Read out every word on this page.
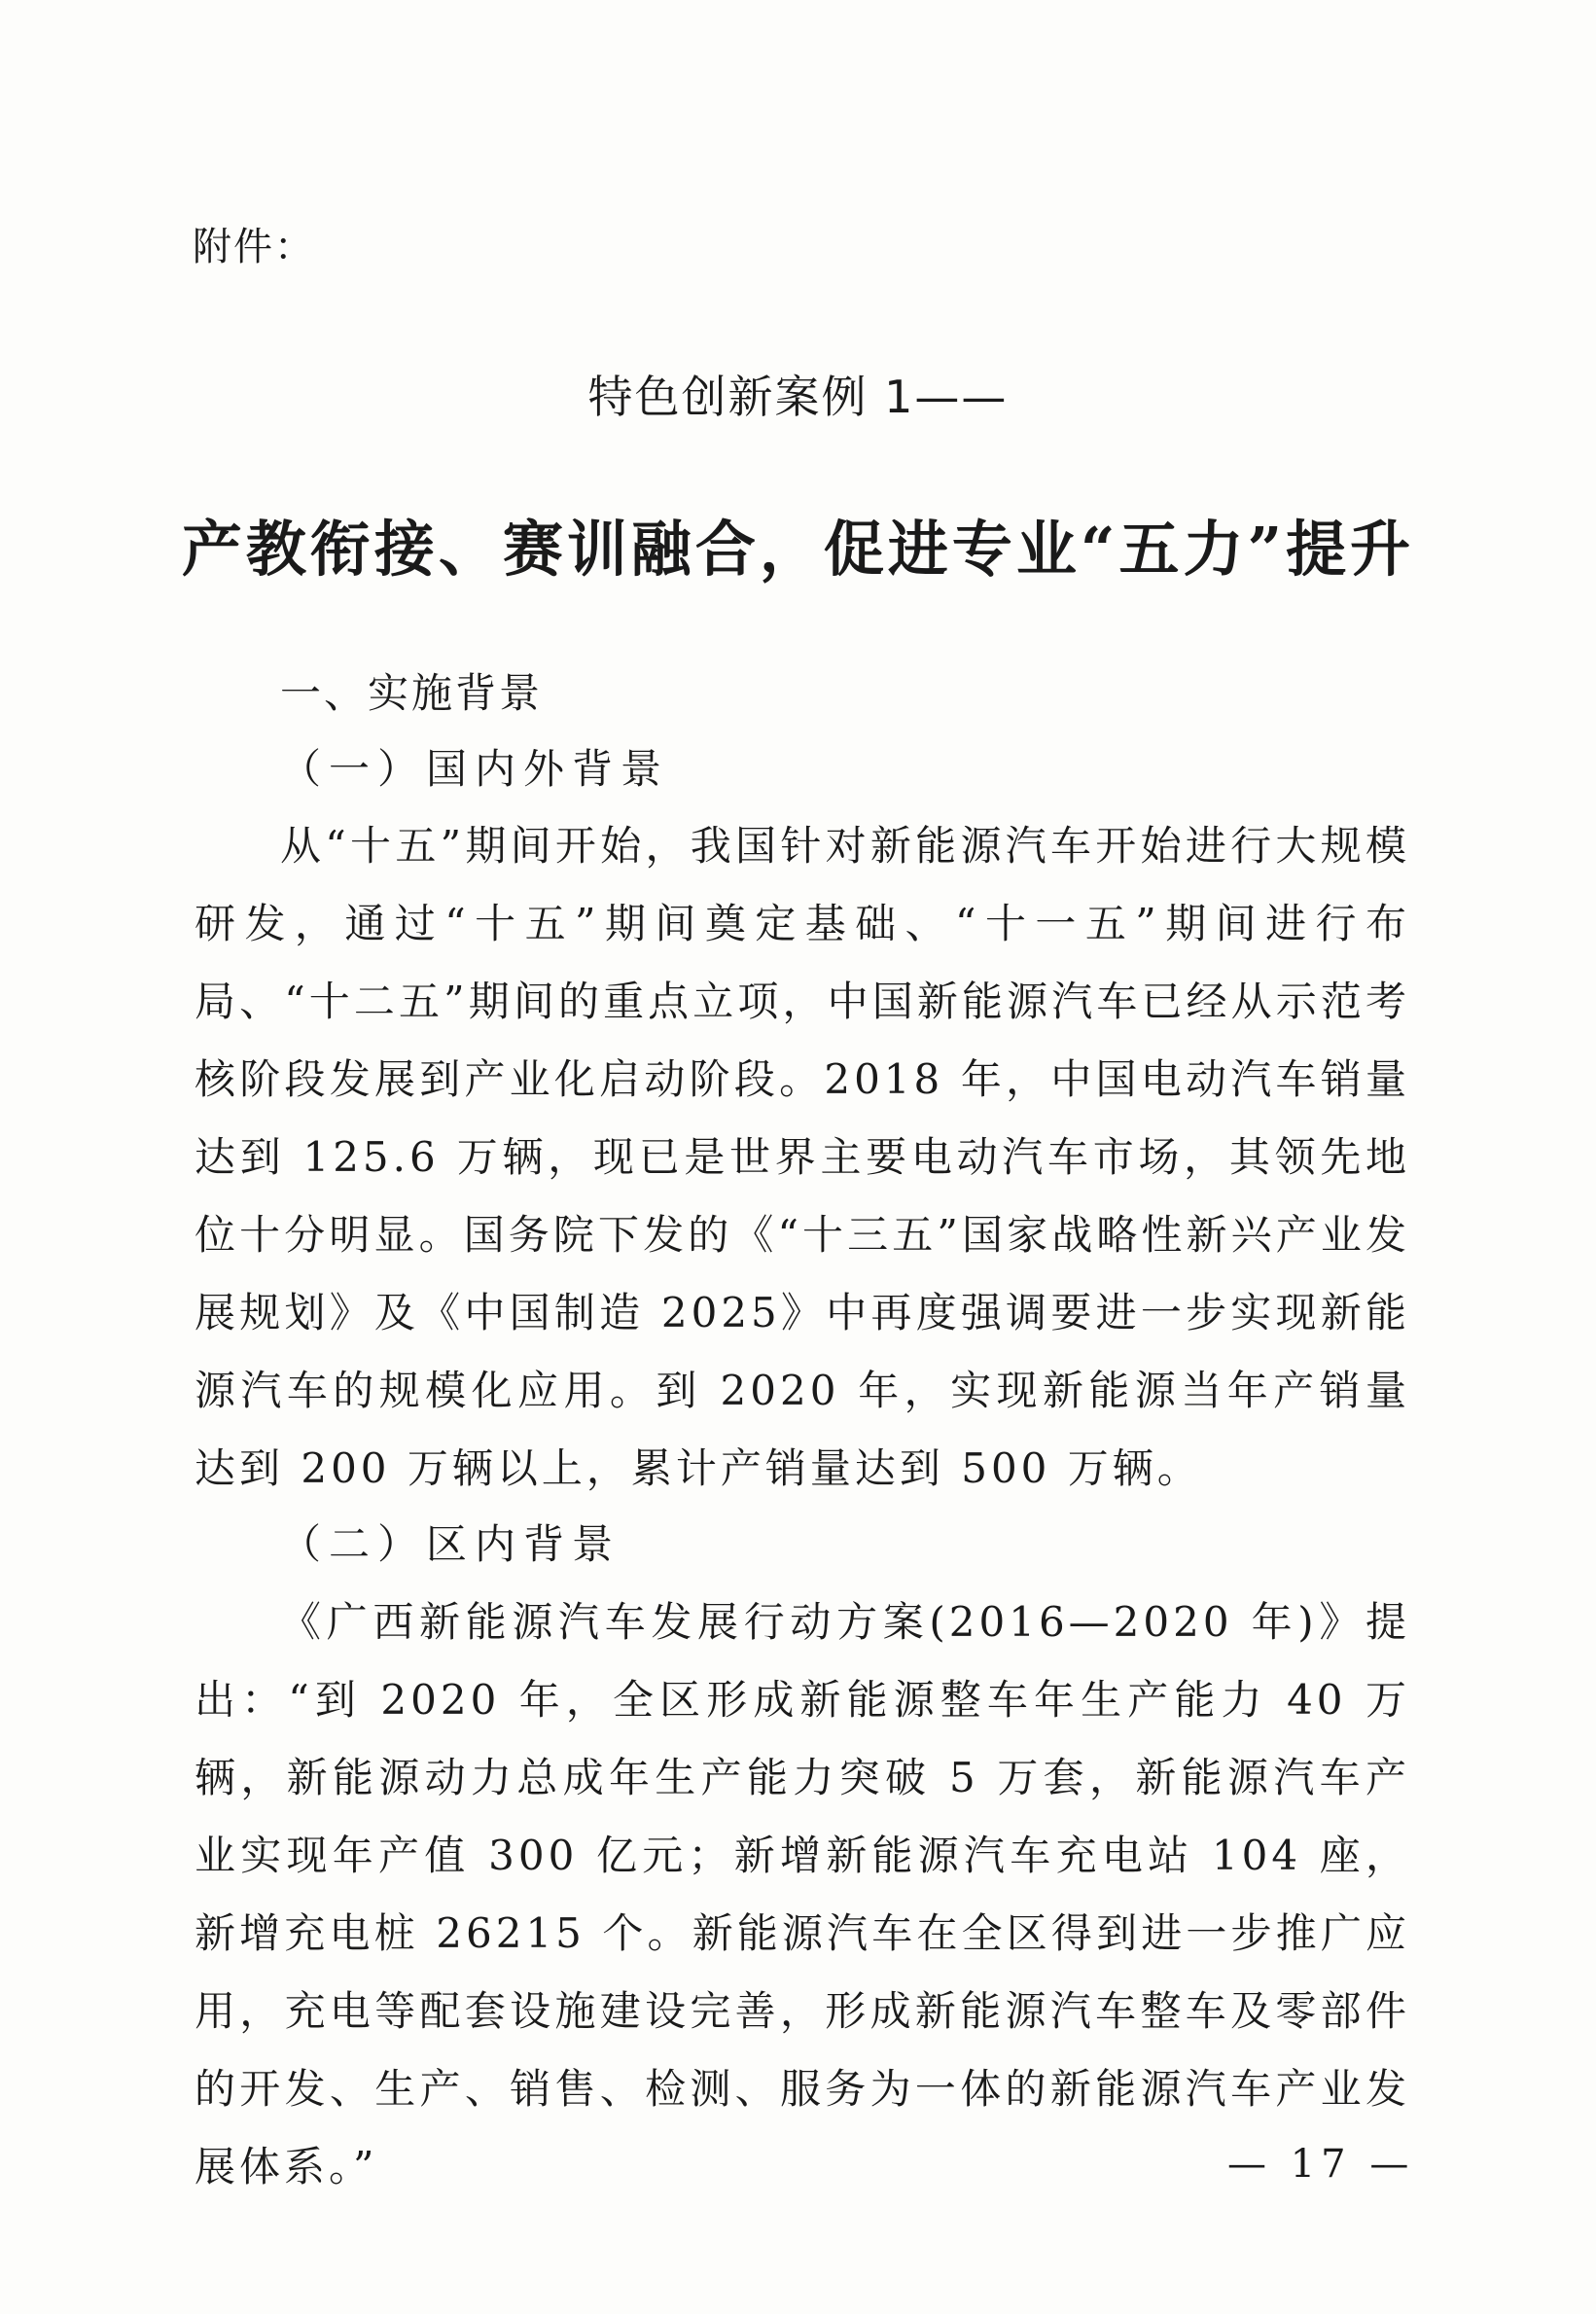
附件：
特色创新案例 1——
产教衔接、赛训融合，促进专业“五力”提升
一、实施背景
（一）国内外背景
从“十五”期间开始，我国针对新能源汽车开始进行大规模研发，通过“十五”期间奠定基础、“十一五”期间进行布局、“十二五”期间的重点立项，中国新能源汽车已经从示范考核阶段发展到产业化启动阶段。2018 年，中国电动汽车销量达到 125.6 万辆，现已是世界主要电动汽车市场，其领先地位十分明显。国务院下发的《“十三五”国家战略性新兴产业发展规划》及《中国制造 2025》中再度强调要进一步实现新能源汽车的规模化应用。到 2020 年，实现新能源当年产销量达到 200 万辆以上，累计产销量达到 500 万辆。
（二）区内背景
《广西新能源汽车发展行动方案(2016—2020 年)》提出：“到 2020 年，全区形成新能源整车年生产能力 40 万辆，新能源动力总成年生产能力突破 5 万套，新能源汽车产业实现年产值 300 亿元；新增新能源汽车充电站 104 座，新增充电桩 26215 个。新能源汽车在全区得到进一步推广应用，充电等配套设施建设完善，形成新能源汽车整车及零部件的开发、生产、销售、检测、服务为一体的新能源汽车产业发展体系。”	— 17 —
